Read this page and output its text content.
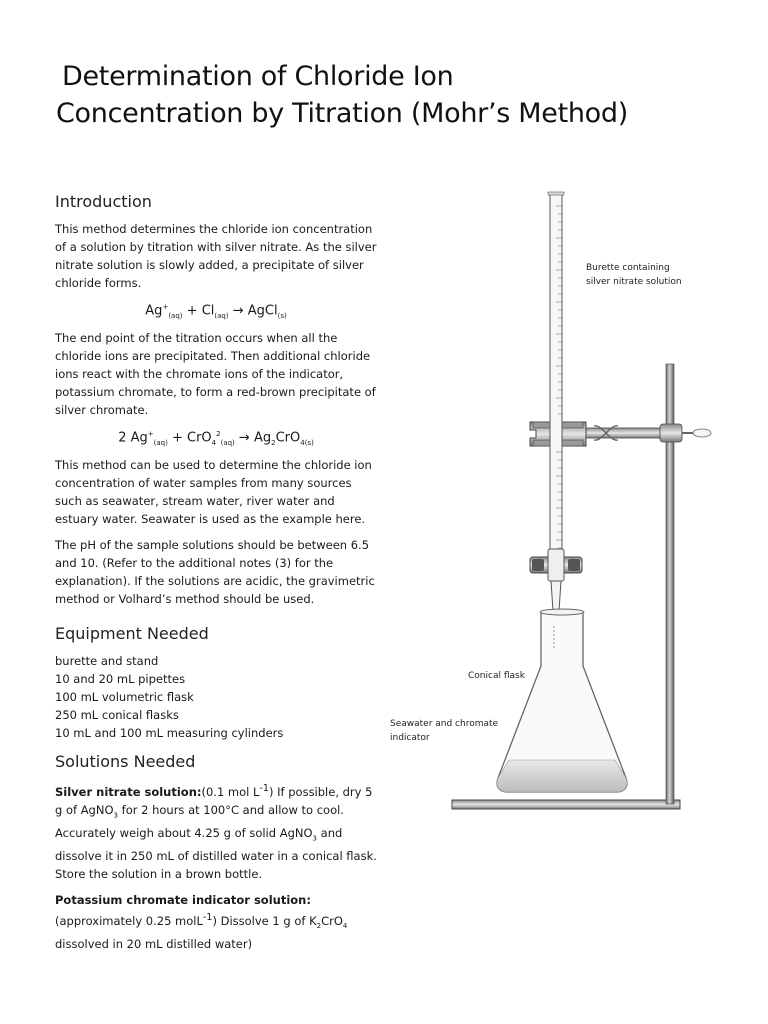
Determination of Chloride Ion
Concentration by Titration (Mohr’s Method)
Introduction

This method determines the chloride ion concentration of a solution by titration with silver nitrate. As the silver nitrate solution is slowly added, a precipitate of silver chloride forms.

$Ag^+_{(aq)} + Cl_{(aq)}$ → AgCl$_{(s)}$

The end point of the titration occurs when all the chloride ions are precipitated. Then additional chloride ions react with the chromate ions of the indicator, potassium chromate, to form a red-brown precipitate of silver chromate.

2 $Ag^+_{(aq)} + CrO_4^2_{(aq)} \to Ag_2CrO_{4(s)}$

This method can be used to determine the chloride ion concentration of water samples from many sources such as seawater, stream water, river water and estuary water. Seawater is used as the example here.

The pH of the sample solutions should be between 6.5 and 10. (Refer to the additional notes (3) for the explanation). If the solutions are acidic, the gravimetric method or Volhard’s method should be used.

Equipment Needed

burette and stand

10 and 20 mL pipettes

100 mL volumetric flask

250 mL conical flasks

10 mL and 100 mL measuring cylinders

Solutions Needed

Silver nitrate solution:(0.1 mol $L^{-1}$) If possible, dry 5 g of AgNO$_3$ for 2 hours at 100°C and allow to cool. Accurately weigh about 4.25 g of solid AgNO$_3$ and dissolve it in 250 mL of distilled water in a conical flask. Store the solution in a brown bottle.

Potassium chromate indicator solution: (approximately 0.25 molL$^{-1}$) Dissolve 1 g of $K_2CrO_4$ dissolved in 20 mL distilled water)

Burette containing
silver nitrate solution

Conical flask

Seawater and chromate
indicator
